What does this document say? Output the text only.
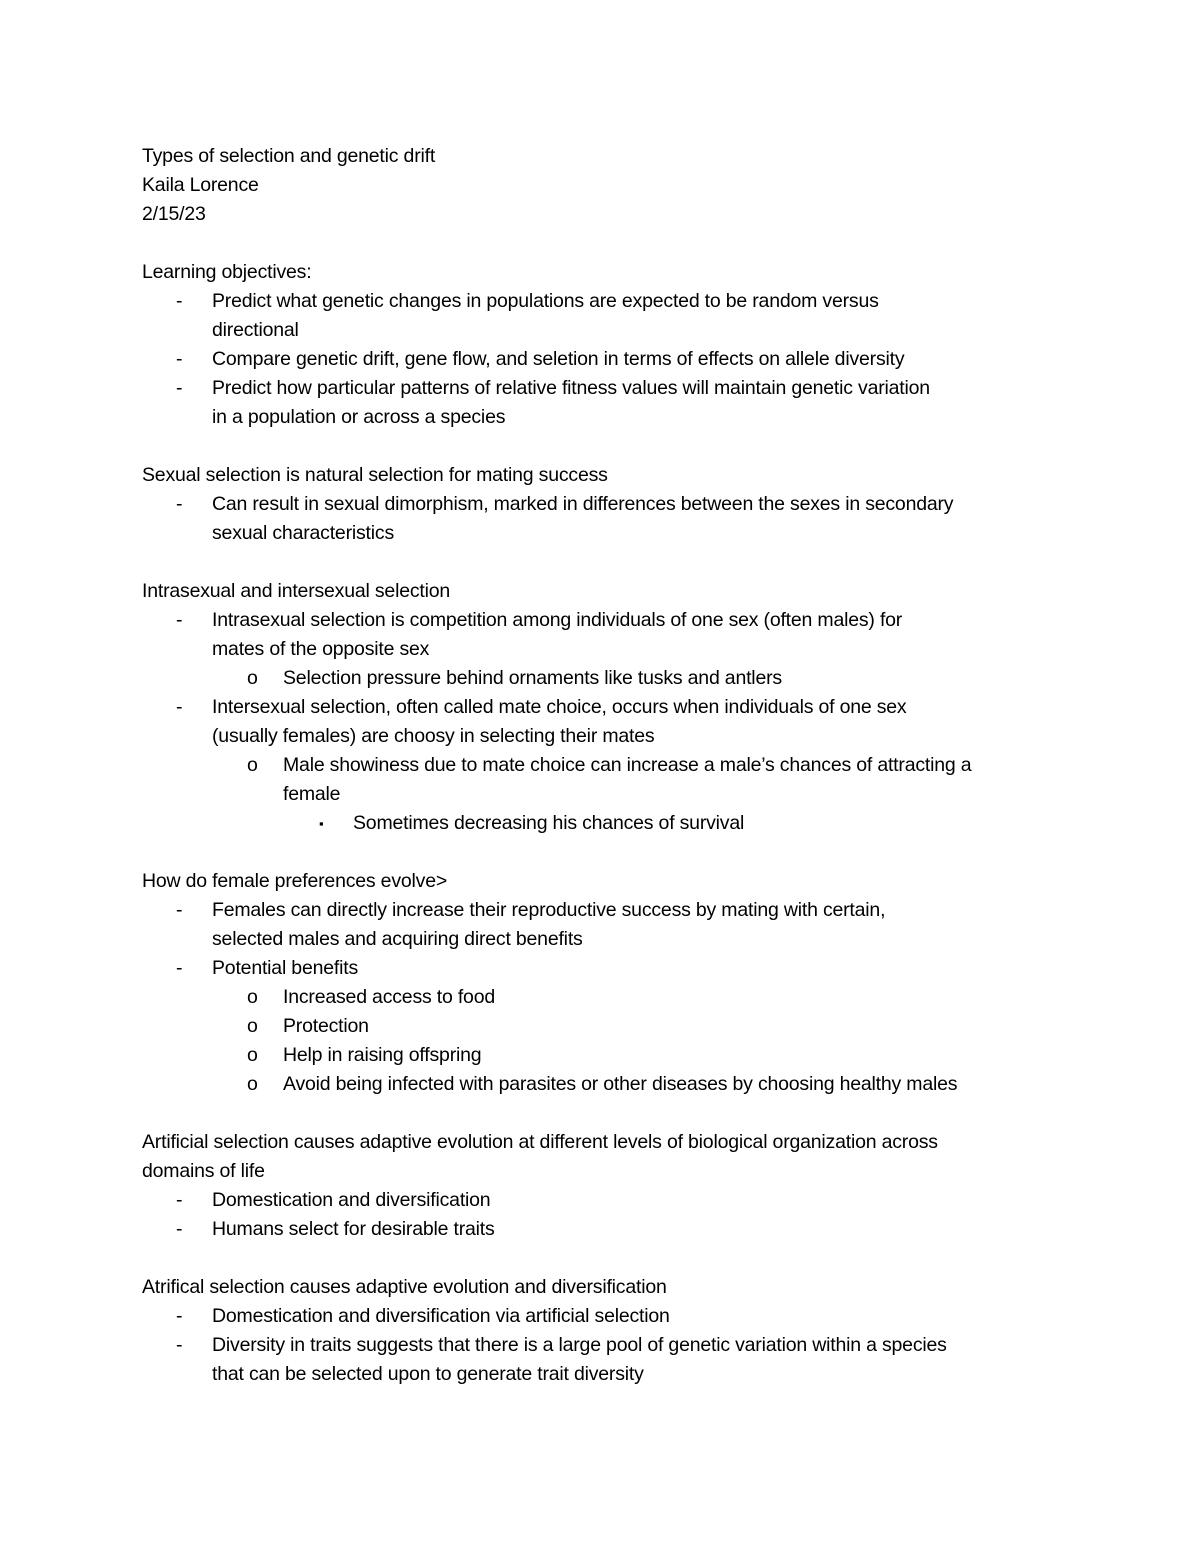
Types of selection and genetic drift
Kaila Lorence
2/15/23
Learning objectives:
- Predict what genetic changes in populations are expected to be random versus
directional
- Compare genetic drift, gene flow, and seletion in terms of effects on allele diversity
- Predict how particular patterns of relative fitness values will maintain genetic variation
in a population or across a species
Sexual selection is natural selection for mating success
- Can result in sexual dimorphism, marked in differences between the sexes in secondary
sexual characteristics
Intrasexual and intersexual selection
- Intrasexual selection is competition among individuals of one sex (often males) for
mates of the opposite sex
o Selection pressure behind ornaments like tusks and antlers
- Intersexual selection, often called mate choice, occurs when individuals of one sex
(usually females) are choosy in selecting their mates
o Male showiness due to mate choice can increase a male’s chances of attracting a
female
▪ Sometimes decreasing his chances of survival
How do female preferences evolve>
- Females can directly increase their reproductive success by mating with certain,
selected males and acquiring direct benefits
- Potential benefits
o Increased access to food
o Protection
o Help in raising offspring
o Avoid being infected with parasites or other diseases by choosing healthy males
Artificial selection causes adaptive evolution at different levels of biological organization across
domains of life
- Domestication and diversification
- Humans select for desirable traits
Atrifical selection causes adaptive evolution and diversification
- Domestication and diversification via artificial selection
- Diversity in traits suggests that there is a large pool of genetic variation within a species
that can be selected upon to generate trait diversity
